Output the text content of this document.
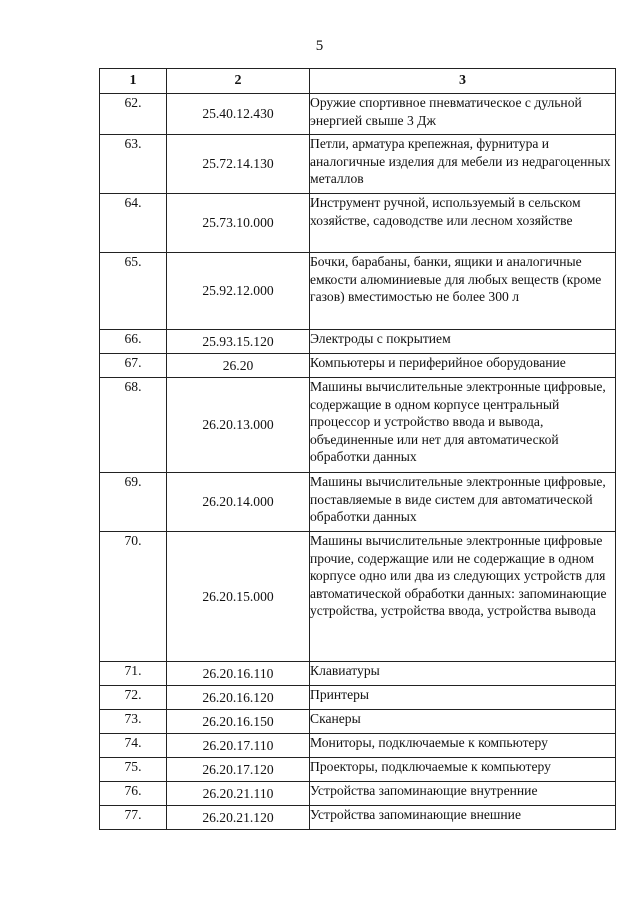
5
1	2	3
62.	25.40.12.430	Оружие спортивное пневматическое с дульной энергией свыше 3 Дж
63.	25.72.14.130	Петли, арматура крепежная, фурнитура и аналогичные изделия для мебели из недрагоценных металлов
64.	25.73.10.000	Инструмент ручной, используемый в сельском хозяйстве, садоводстве или лесном хозяйстве
65.	25.92.12.000	Бочки, барабаны, банки, ящики и аналогичные емкости алюминиевые для любых веществ (кроме газов) вместимостью не более 300 л
66.	25.93.15.120	Электроды с покрытием
67.	26.20	Компьютеры и периферийное оборудование
68.	26.20.13.000	Машины вычислительные электронные цифровые, содержащие в одном корпусе центральный процессор и устройство ввода и вывода, объединенные или нет для автоматической обработки данных
69.	26.20.14.000	Машины вычислительные электронные цифровые, поставляемые в виде систем для автоматической обработки данных
70.	26.20.15.000	Машины вычислительные электронные цифровые прочие, содержащие или не содержащие в одном корпусе одно или два из следующих устройств для автоматической обработки данных: запоминающие устройства, устройства ввода, устройства вывода
71.	26.20.16.110	Клавиатуры
72.	26.20.16.120	Принтеры
73.	26.20.16.150	Сканеры
74.	26.20.17.110	Мониторы, подключаемые к компьютеру
75.	26.20.17.120	Проекторы, подключаемые к компьютеру
76.	26.20.21.110	Устройства запоминающие внутренние
77.	26.20.21.120	Устройства запоминающие внешние
